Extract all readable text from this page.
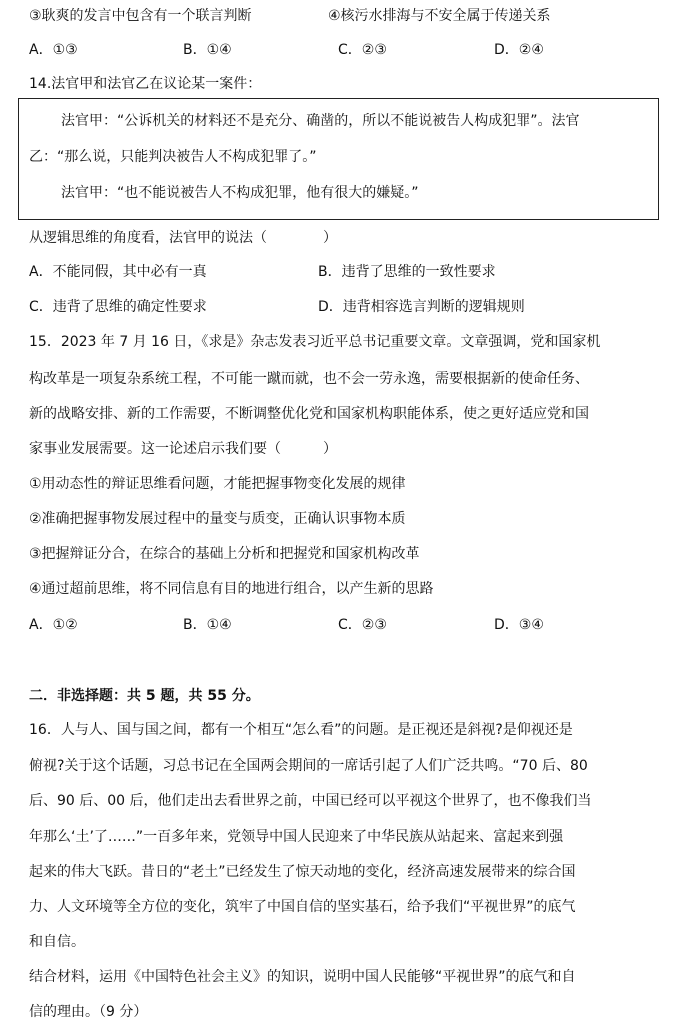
③耿爽的发言中包含有一个联言判断	④核污水排海与不安全属于传递关系
A．①③	B．①④	C．②③	D．②④
14.法官甲和法官乙在议论某一案件：
法官甲：“公诉机关的材料还不是充分、确凿的，所以不能说被告人构成犯罪”。法官
乙：“那么说，只能判决被告人不构成犯罪了。”
法官甲：“也不能说被告人不构成犯罪，他有很大的嫌疑。”
从逻辑思维的角度看，法官甲的说法（　　　　）
A．不能同假，其中必有一真	B．违背了思维的一致性要求
C．违背了思维的确定性要求	D．违背相容选言判断的逻辑规则
15．2023 年 7 月 16 日，《求是》杂志发表习近平总书记重要文章。文章强调，党和国家机
构改革是一项复杂系统工程，不可能一蹴而就，也不会一劳永逸，需要根据新的使命任务、
新的战略安排、新的工作需要，不断调整优化党和国家机构职能体系，使之更好适应党和国
家事业发展需要。这一论述启示我们要（　　　）
①用动态性的辩证思维看问题，才能把握事物变化发展的规律
②准确把握事物发展过程中的量变与质变，正确认识事物本质
③把握辩证分合，在综合的基础上分析和把握党和国家机构改革
④通过超前思维，将不同信息有目的地进行组合，以产生新的思路
A．①②	B．①④	C．②③	D．③④
二．非选择题：共 5 题，共 55 分。
16．人与人、国与国之间，都有一个相互“怎么看”的问题。是正视还是斜视?是仰视还是
俯视?关于这个话题，习总书记在全国两会期间的一席话引起了人们广泛共鸣。“70 后、80
后、90 后、00 后，他们走出去看世界之前，中国已经可以平视这个世界了，也不像我们当
年那么‘土’了……”一百多年来，党领导中国人民迎来了中华民族从站起来、富起来到强
起来的伟大飞跃。昔日的“老土”已经发生了惊天动地的变化，经济高速发展带来的综合国
力、人文环境等全方位的变化，筑牢了中国自信的坚实基石，给予我们“平视世界”的底气
和自信。
结合材料，运用《中国特色社会主义》的知识，说明中国人民能够“平视世界”的底气和自
信的理由。（9 分）
